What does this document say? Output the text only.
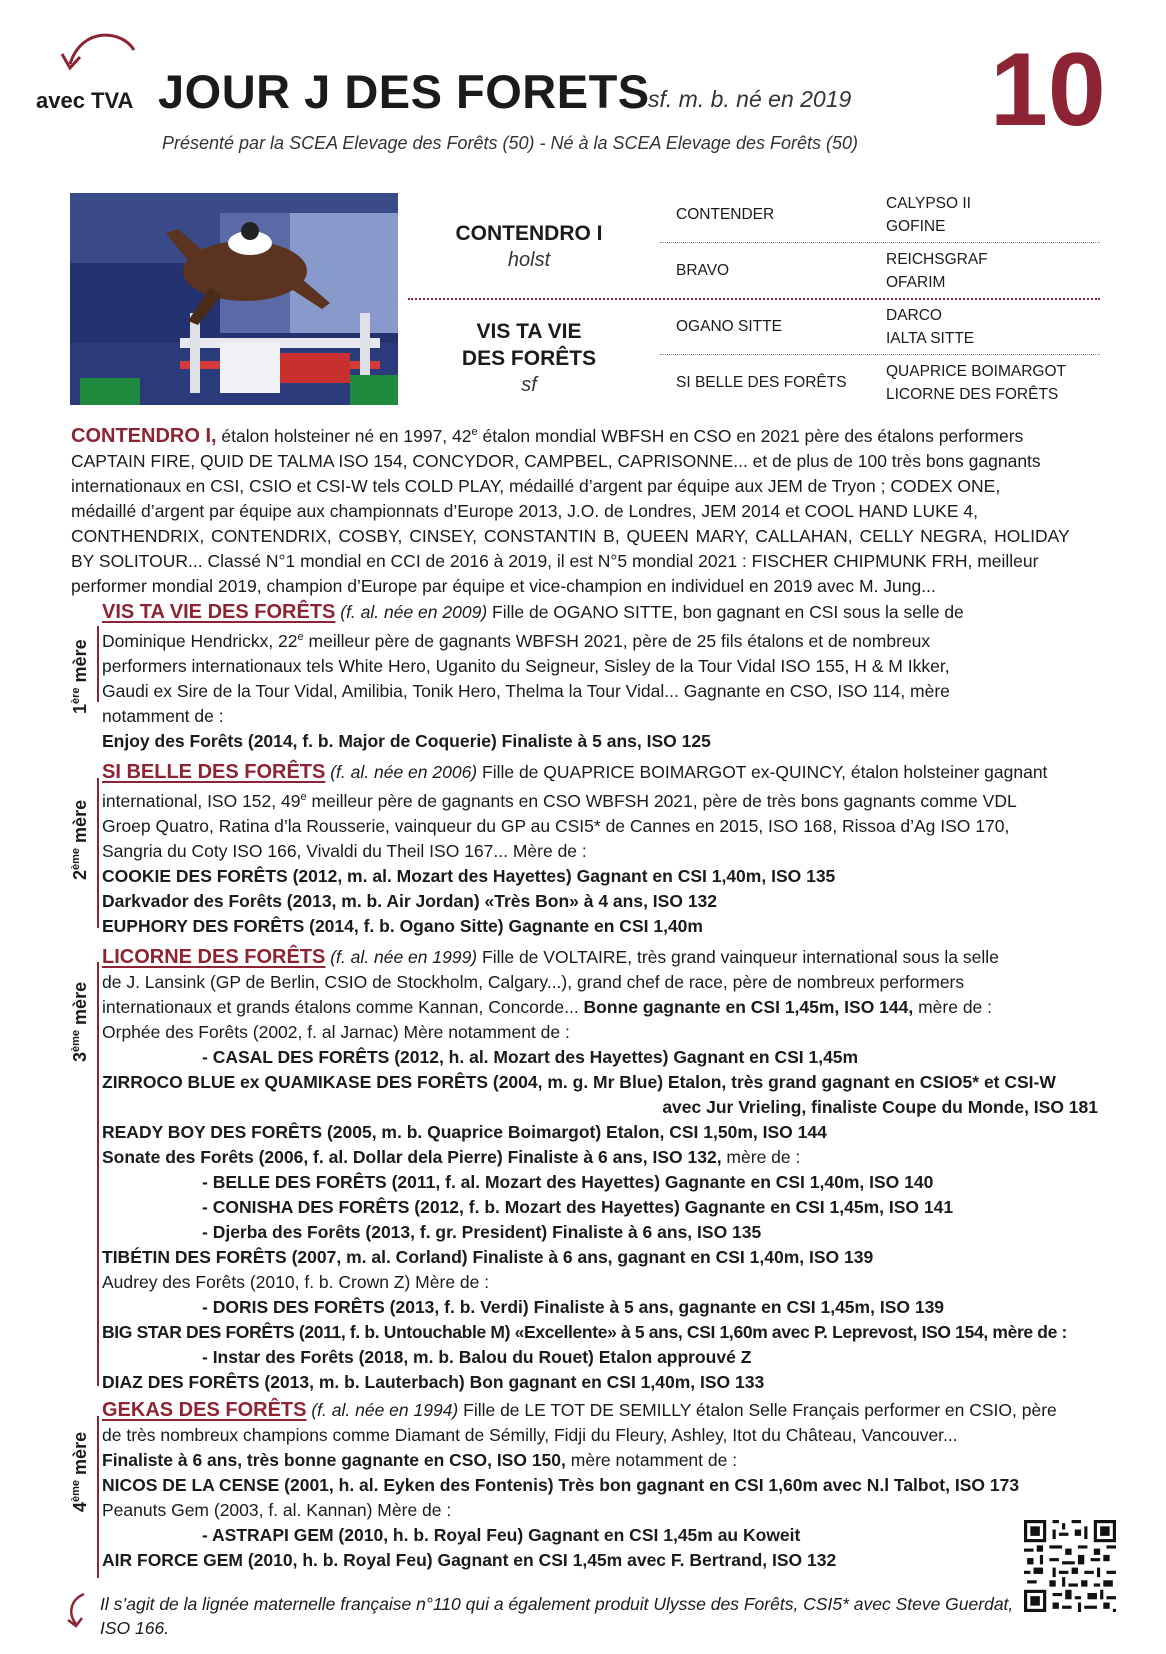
avec TVA JOUR J DES FORETS
sf. m. b. né en 2019 10
Présenté par la SCEA Elevage des Forêts (50) - Né à la SCEA Elevage des Forêts (50)
CONTENDRO I
holst
VIS TA VIE
DES FORÊTS
sf
CONTENDER
BRAVO
OGANO SITTE
SI BELLE DES FORÊTS
CALYPSO II
GOFINE
REICHSGRAF
OFARIM
DARCO
IALTA SITTE
QUAPRICE BOIMARGOT
LICORNE DES FORÊTS
CONTENDRO I, étalon holsteiner né en 1997, 42e étalon mondial WBFSH en CSO en 2021 père des étalons performers
CAPTAIN FIRE, QUID DE TALMA ISO 154, CONCYDOR, CAMPBEL, CAPRISONNE... et de plus de 100 très bons gagnants
internationaux en CSI, CSIO et CSI-W tels COLD PLAY, médaillé d’argent par équipe aux JEM de Tryon ; CODEX ONE,
médaillé d’argent par équipe aux championnats d’Europe 2013, J.O. de Londres, JEM 2014 et COOL HAND LUKE 4,
CONTHENDRIX, CONTENDRIX, COSBY, CINSEY, CONSTANTIN B, QUEEN MARY, CALLAHAN, CELLY NEGRA, HOLIDAY
BY SOLITOUR... Classé N°1 mondial en CCI de 2016 à 2019, il est N°5 mondial 2021 : FISCHER CHIPMUNK FRH, meilleur
performer mondial 2019, champion d’Europe par équipe et vice-champion en individuel en 2019 avec M. Jung...
1ère mère
VIS TA VIE DES FORÊTS (f. al. née en 2009) Fille de OGANO SITTE, bon gagnant en CSI sous la selle de
Dominique Hendrickx, 22e meilleur père de gagnants WBFSH 2021, père de 25 fils étalons et de nombreux
performers internationaux tels White Hero, Uganito du Seigneur, Sisley de la Tour Vidal ISO 155, H & M Ikker,
Gaudi ex Sire de la Tour Vidal, Amilibia, Tonik Hero, Thelma la Tour Vidal... Gagnante en CSO, ISO 114, mère
notamment de :
Enjoy des Forêts (2014, f. b. Major de Coquerie) Finaliste à 5 ans, ISO 125
2ème mère
SI BELLE DES FORÊTS (f. al. née en 2006) Fille de QUAPRICE BOIMARGOT ex-QUINCY, étalon holsteiner gagnant
international, ISO 152, 49e meilleur père de gagnants en CSO WBFSH 2021, père de très bons gagnants comme VDL
Groep Quatro, Ratina d’la Rousserie, vainqueur du GP au CSI5* de Cannes en 2015, ISO 168, Rissoa d’Ag ISO 170,
Sangria du Coty ISO 166, Vivaldi du Theil ISO 167... Mère de :
COOKIE DES FORÊTS (2012, m. al. Mozart des Hayettes) Gagnant en CSI 1,40m, ISO 135
Darkvador des Forêts (2013, m. b. Air Jordan) «Très Bon» à 4 ans, ISO 132
EUPHORY DES FORÊTS (2014, f. b. Ogano Sitte) Gagnante en CSI 1,40m
3ème mère
LICORNE DES FORÊTS (f. al. née en 1999) Fille de VOLTAIRE, très grand vainqueur international sous la selle
de J. Lansink (GP de Berlin, CSIO de Stockholm, Calgary...), grand chef de race, père de nombreux performers
internationaux et grands étalons comme Kannan, Concorde... Bonne gagnante en CSI 1,45m, ISO 144, mère de :
Orphée des Forêts (2002, f. al Jarnac) Mère notamment de :
- CASAL DES FORÊTS (2012, h. al. Mozart des Hayettes) Gagnant en CSI 1,45m
ZIRROCO BLUE ex QUAMIKASE DES FORÊTS (2004, m. g. Mr Blue) Etalon, très grand gagnant en CSIO5* et CSI-W
avec Jur Vrieling, finaliste Coupe du Monde, ISO 181
READY BOY DES FORÊTS (2005, m. b. Quaprice Boimargot) Etalon, CSI 1,50m, ISO 144
Sonate des Forêts (2006, f. al. Dollar dela Pierre) Finaliste à 6 ans, ISO 132, mère de :
- BELLE DES FORÊTS (2011, f. al. Mozart des Hayettes) Gagnante en CSI 1,40m, ISO 140
- CONISHA DES FORÊTS (2012, f. b. Mozart des Hayettes) Gagnante en CSI 1,45m, ISO 141
- Djerba des Forêts (2013, f. gr. President) Finaliste à 6 ans, ISO 135
TIBÉTIN DES FORÊTS (2007, m. al. Corland) Finaliste à 6 ans, gagnant en CSI 1,40m, ISO 139
Audrey des Forêts (2010, f. b. Crown Z) Mère de :
- DORIS DES FORÊTS (2013, f. b. Verdi) Finaliste à 5 ans, gagnante en CSI 1,45m, ISO 139
BIG STAR DES FORÊTS (2011, f. b. Untouchable M) «Excellente» à 5 ans, CSI 1,60m avec P. Leprevost, ISO 154, mère de :
- Instar des Forêts (2018, m. b. Balou du Rouet) Etalon approuvé Z
DIAZ DES FORÊTS (2013, m. b. Lauterbach) Bon gagnant en CSI 1,40m, ISO 133
4ème mère
GEKAS DES FORÊTS (f. al. née en 1994) Fille de LE TOT DE SEMILLY étalon Selle Français performer en CSIO, père
de très nombreux champions comme Diamant de Sémilly, Fidji du Fleury, Ashley, Itot du Château, Vancouver...
Finaliste à 6 ans, très bonne gagnante en CSO, ISO 150, mère notamment de :
NICOS DE LA CENSE (2001, h. al. Eyken des Fontenis) Très bon gagnant en CSI 1,60m avec N.l Talbot, ISO 173
Peanuts Gem (2003, f. al. Kannan) Mère de :
- ASTRAPI GEM (2010, h. b. Royal Feu) Gagnant en CSI 1,45m au Koweit
AIR FORCE GEM (2010, h. b. Royal Feu) Gagnant en CSI 1,45m avec F. Bertrand, ISO 132
Il s’agit de la lignée maternelle française n°110 qui a également produit Ulysse des Forêts, CSI5* avec Steve Guerdat, ISO 166.
